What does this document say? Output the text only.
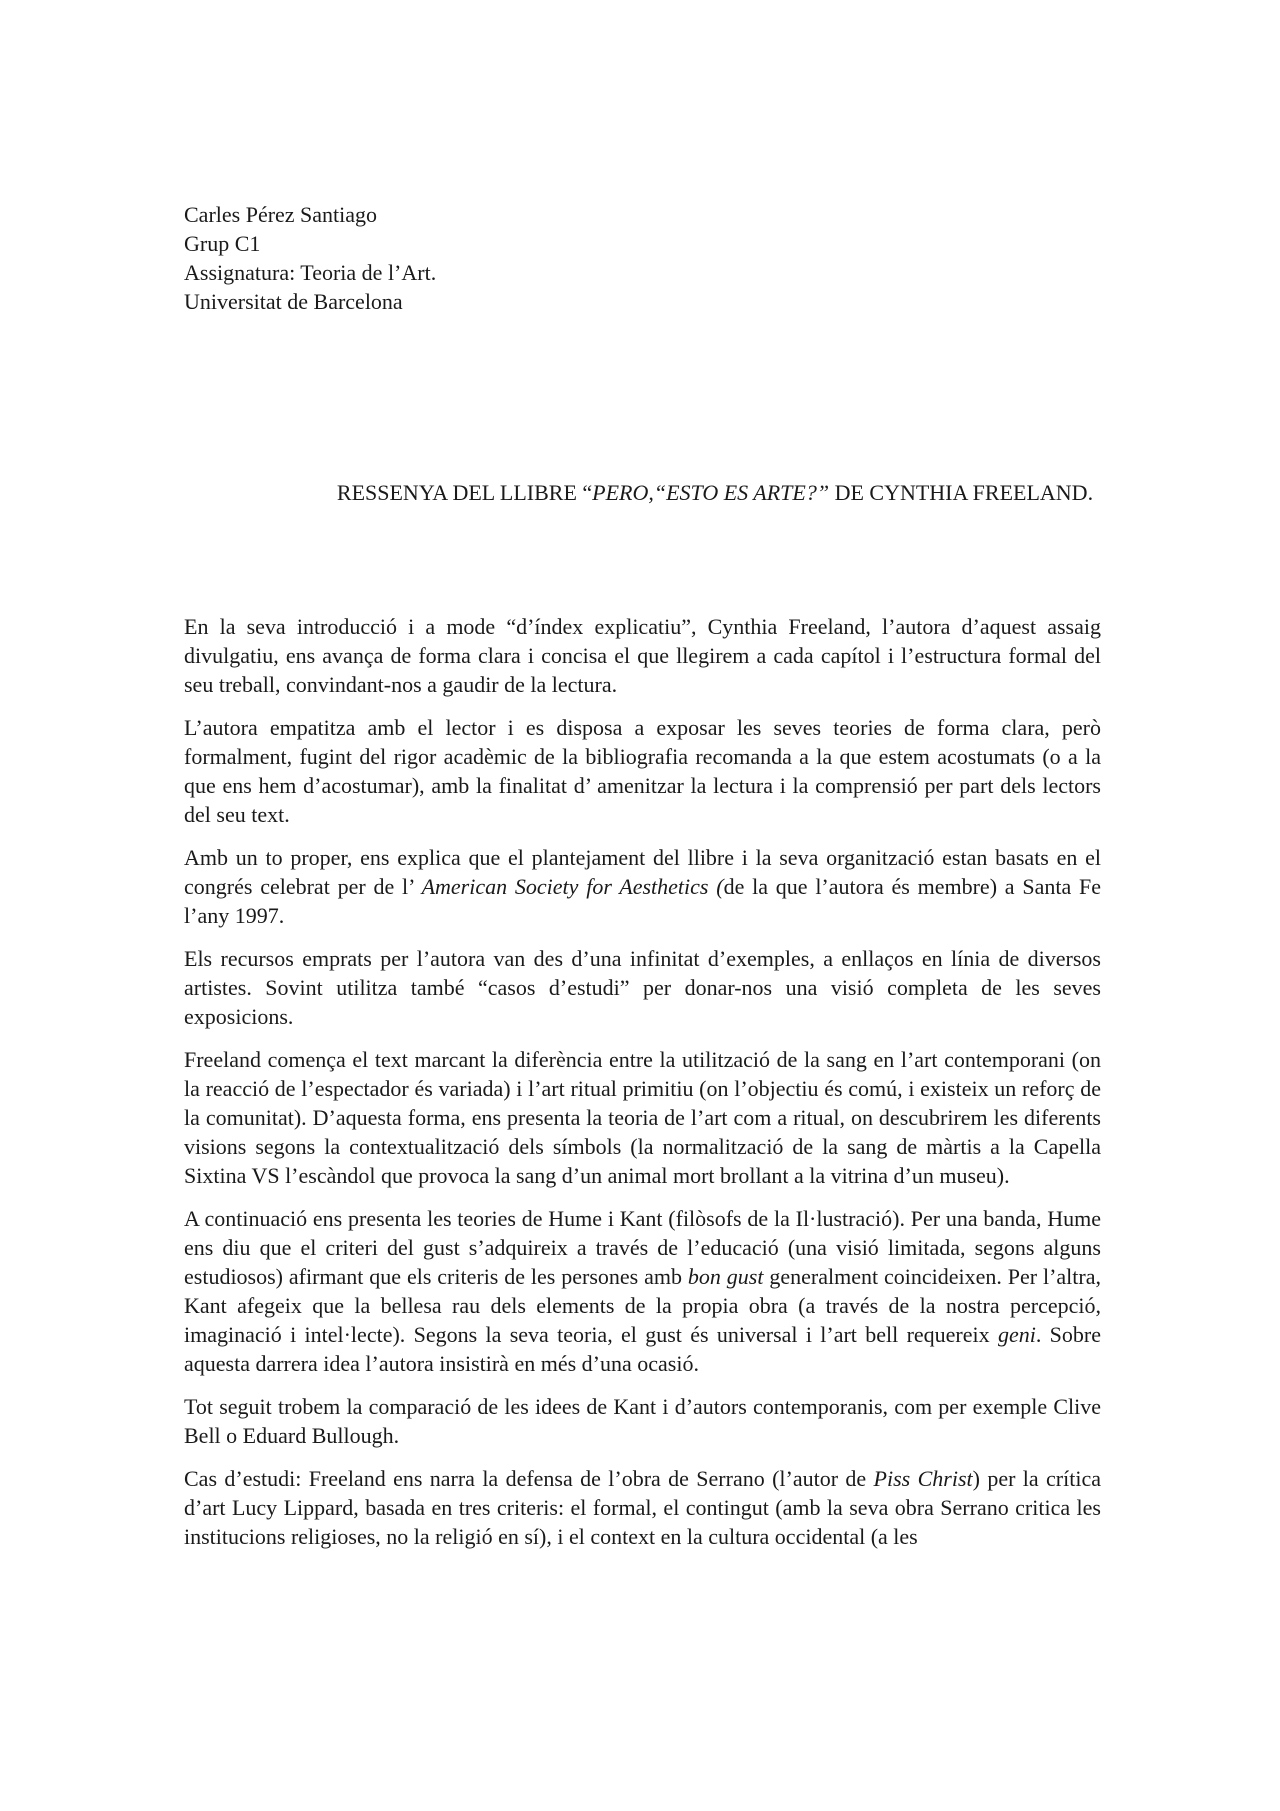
Carles Pérez Santiago
Grup C1
Assignatura: Teoria de l’Art.
Universitat de Barcelona
RESSENYA DEL LLIBRE “PERO,“ESTO ES ARTE?” DE CYNTHIA FREELAND.

En la seva introducció i a mode “d’índex explicatiu”, Cynthia Freeland, l’autora d’aquest assaig divulgatiu, ens avança de forma clara i concisa el que llegirem a cada capítol i l’estructura formal del seu treball, convindant-nos a gaudir de la lectura.

L’autora empatitza amb el lector i es disposa a exposar les seves teories de forma clara, però formalment, fugint del rigor acadèmic de la bibliografia recomanda a la que estem acostumats (o a la que ens hem d’acostumar), amb la finalitat d’ amenitzar la lectura i la comprensió per part dels lectors del seu text.

Amb un to proper, ens explica que el plantejament del llibre i la seva organització estan basats en el congrés celebrat per de l’ American Society for Aesthetics (de la que l’autora és membre) a Santa Fe l’any 1997.

Els recursos emprats per l’autora van des d’una infinitat d’exemples, a enllaços en línia de diversos artistes. Sovint utilitza també “casos d’estudi” per donar-nos una visió completa de les seves exposicions.

Freeland comença el text marcant la diferència entre la utilització de la sang en l’art contemporani (on la reacció de l’espectador és variada) i l’art ritual primitiu (on l’objectiu és comú, i existeix un reforç de la comunitat). D’aquesta forma, ens presenta la teoria de l’art com a ritual, on descubrirem les diferents visions segons la contextualització dels símbols (la normalització de la sang de màrtis a la Capella Sixtina VS l’escàndol que provoca la sang d’un animal mort brollant a la vitrina d’un museu).

A continuació ens presenta les teories de Hume i Kant (filòsofs de la Il·lustració). Per una banda, Hume ens diu que el criteri del gust s’adquireix a través de l’educació (una visió limitada, segons alguns estudiosos) afirmant que els criteris de les persones amb bon gust generalment coincideixen. Per l’altra, Kant afegeix que la bellesa rau dels elements de la propia obra (a través de la nostra percepció, imaginació i intel·lecte). Segons la seva teoria, el gust és universal i l’art bell requereix geni. Sobre aquesta darrera idea l’autora insistirà en més d’una ocasió.

Tot seguit trobem la comparació de les idees de Kant i d’autors contemporanis, com per exemple Clive Bell o Eduard Bullough.

Cas d’estudi: Freeland ens narra la defensa de l’obra de Serrano (l’autor de Piss Christ) per la crítica d’art Lucy Lippard, basada en tres criteris: el formal, el contingut (amb la seva obra Serrano critica les institucions religioses, no la religió en sí), i el context en la cultura occidental (a les
